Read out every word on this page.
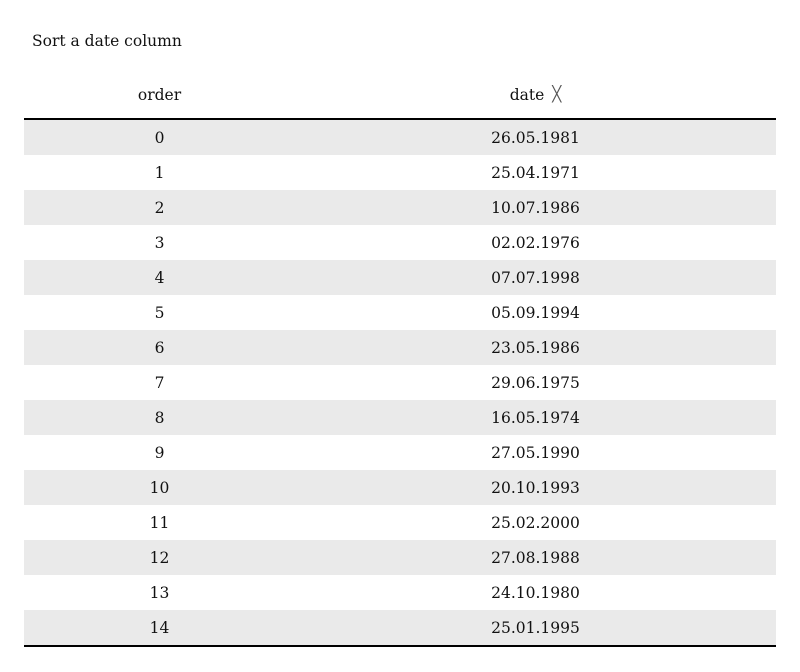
Sort a date column
order	date ╳
0	26.05.1981
1	25.04.1971
2	10.07.1986
3	02.02.1976
4	07.07.1998
5	05.09.1994
6	23.05.1986
7	29.06.1975
8	16.05.1974
9	27.05.1990
10	20.10.1993
11	25.02.2000
12	27.08.1988
13	24.10.1980
14	25.01.1995
